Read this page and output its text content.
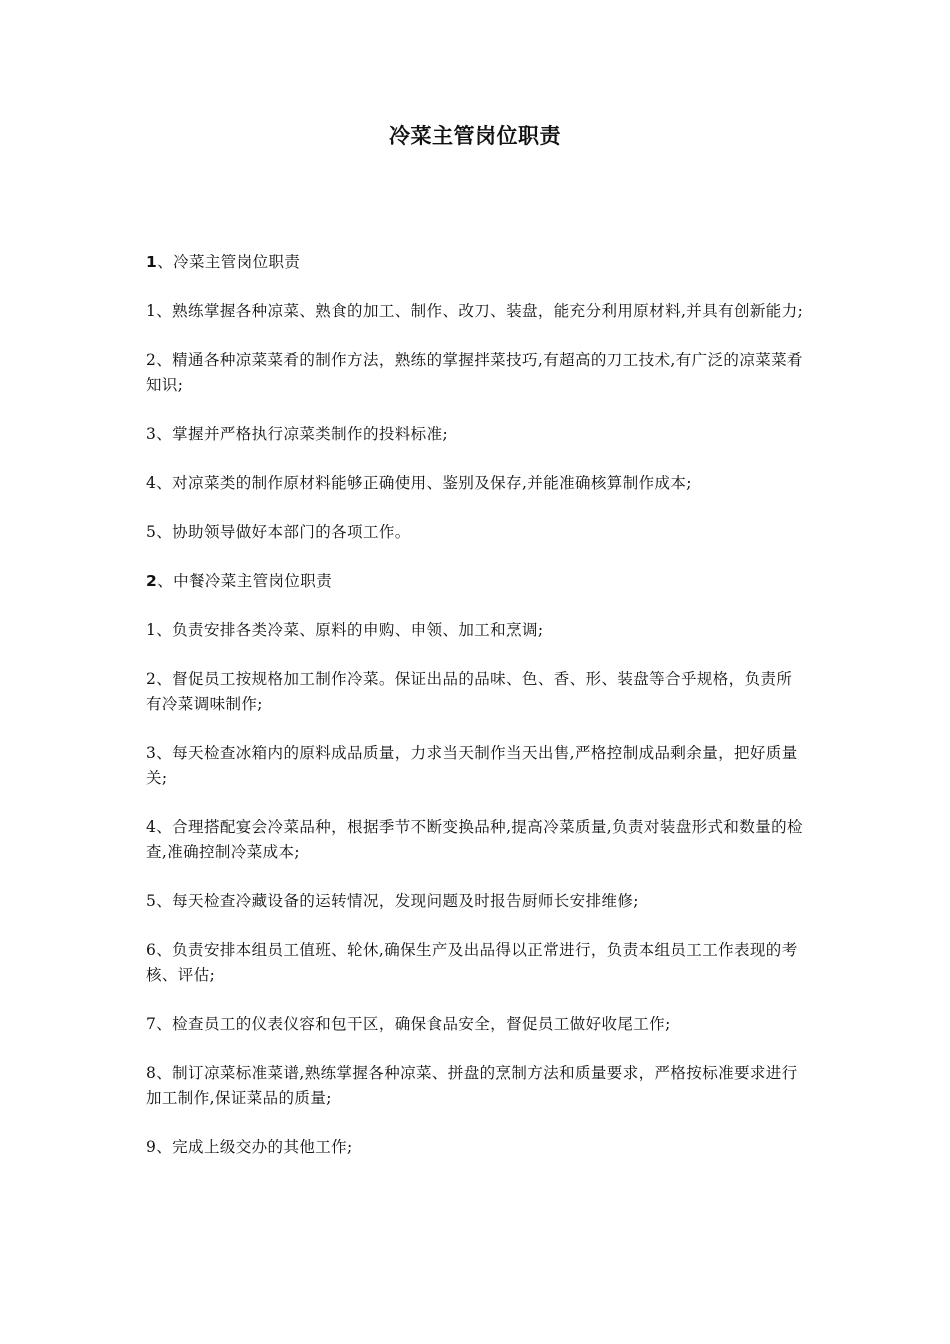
冷菜主管岗位职责
1、冷菜主管岗位职责

1、熟练掌握各种凉菜、熟食的加工、制作、改刀、装盘，能充分利用原材料,并具有创新能力;

2、精通各种凉菜菜肴的制作方法，熟练的掌握拌菜技巧,有超高的刀工技术,有广泛的凉菜菜肴知识;

3、掌握并严格执行凉菜类制作的投料标准;

4、对凉菜类的制作原材料能够正确使用、鉴别及保存,并能准确核算制作成本;

5、协助领导做好本部门的各项工作。

2、中餐冷菜主管岗位职责

1、负责安排各类冷菜、原料的申购、申领、加工和烹调;

2、督促员工按规格加工制作冷菜。保证出品的品味、色、香、形、装盘等合乎规格，负责所有冷菜调味制作;

3、每天检查冰箱内的原料成品质量，力求当天制作当天出售,严格控制成品剩余量，把好质量关;

4、合理搭配宴会冷菜品种，根据季节不断变换品种,提高冷菜质量,负责对装盘形式和数量的检查,准确控制冷菜成本;

5、每天检查冷藏设备的运转情况，发现问题及时报告厨师长安排维修;

6、负责安排本组员工值班、轮休,确保生产及出品得以正常进行，负责本组员工工作表现的考核、评估;

7、检查员工的仪表仪容和包干区，确保食品安全，督促员工做好收尾工作;

8、制订凉菜标准菜谱,熟练掌握各种凉菜、拼盘的烹制方法和质量要求，严格按标准要求进行加工制作,保证菜品的质量;

9、完成上级交办的其他工作;
